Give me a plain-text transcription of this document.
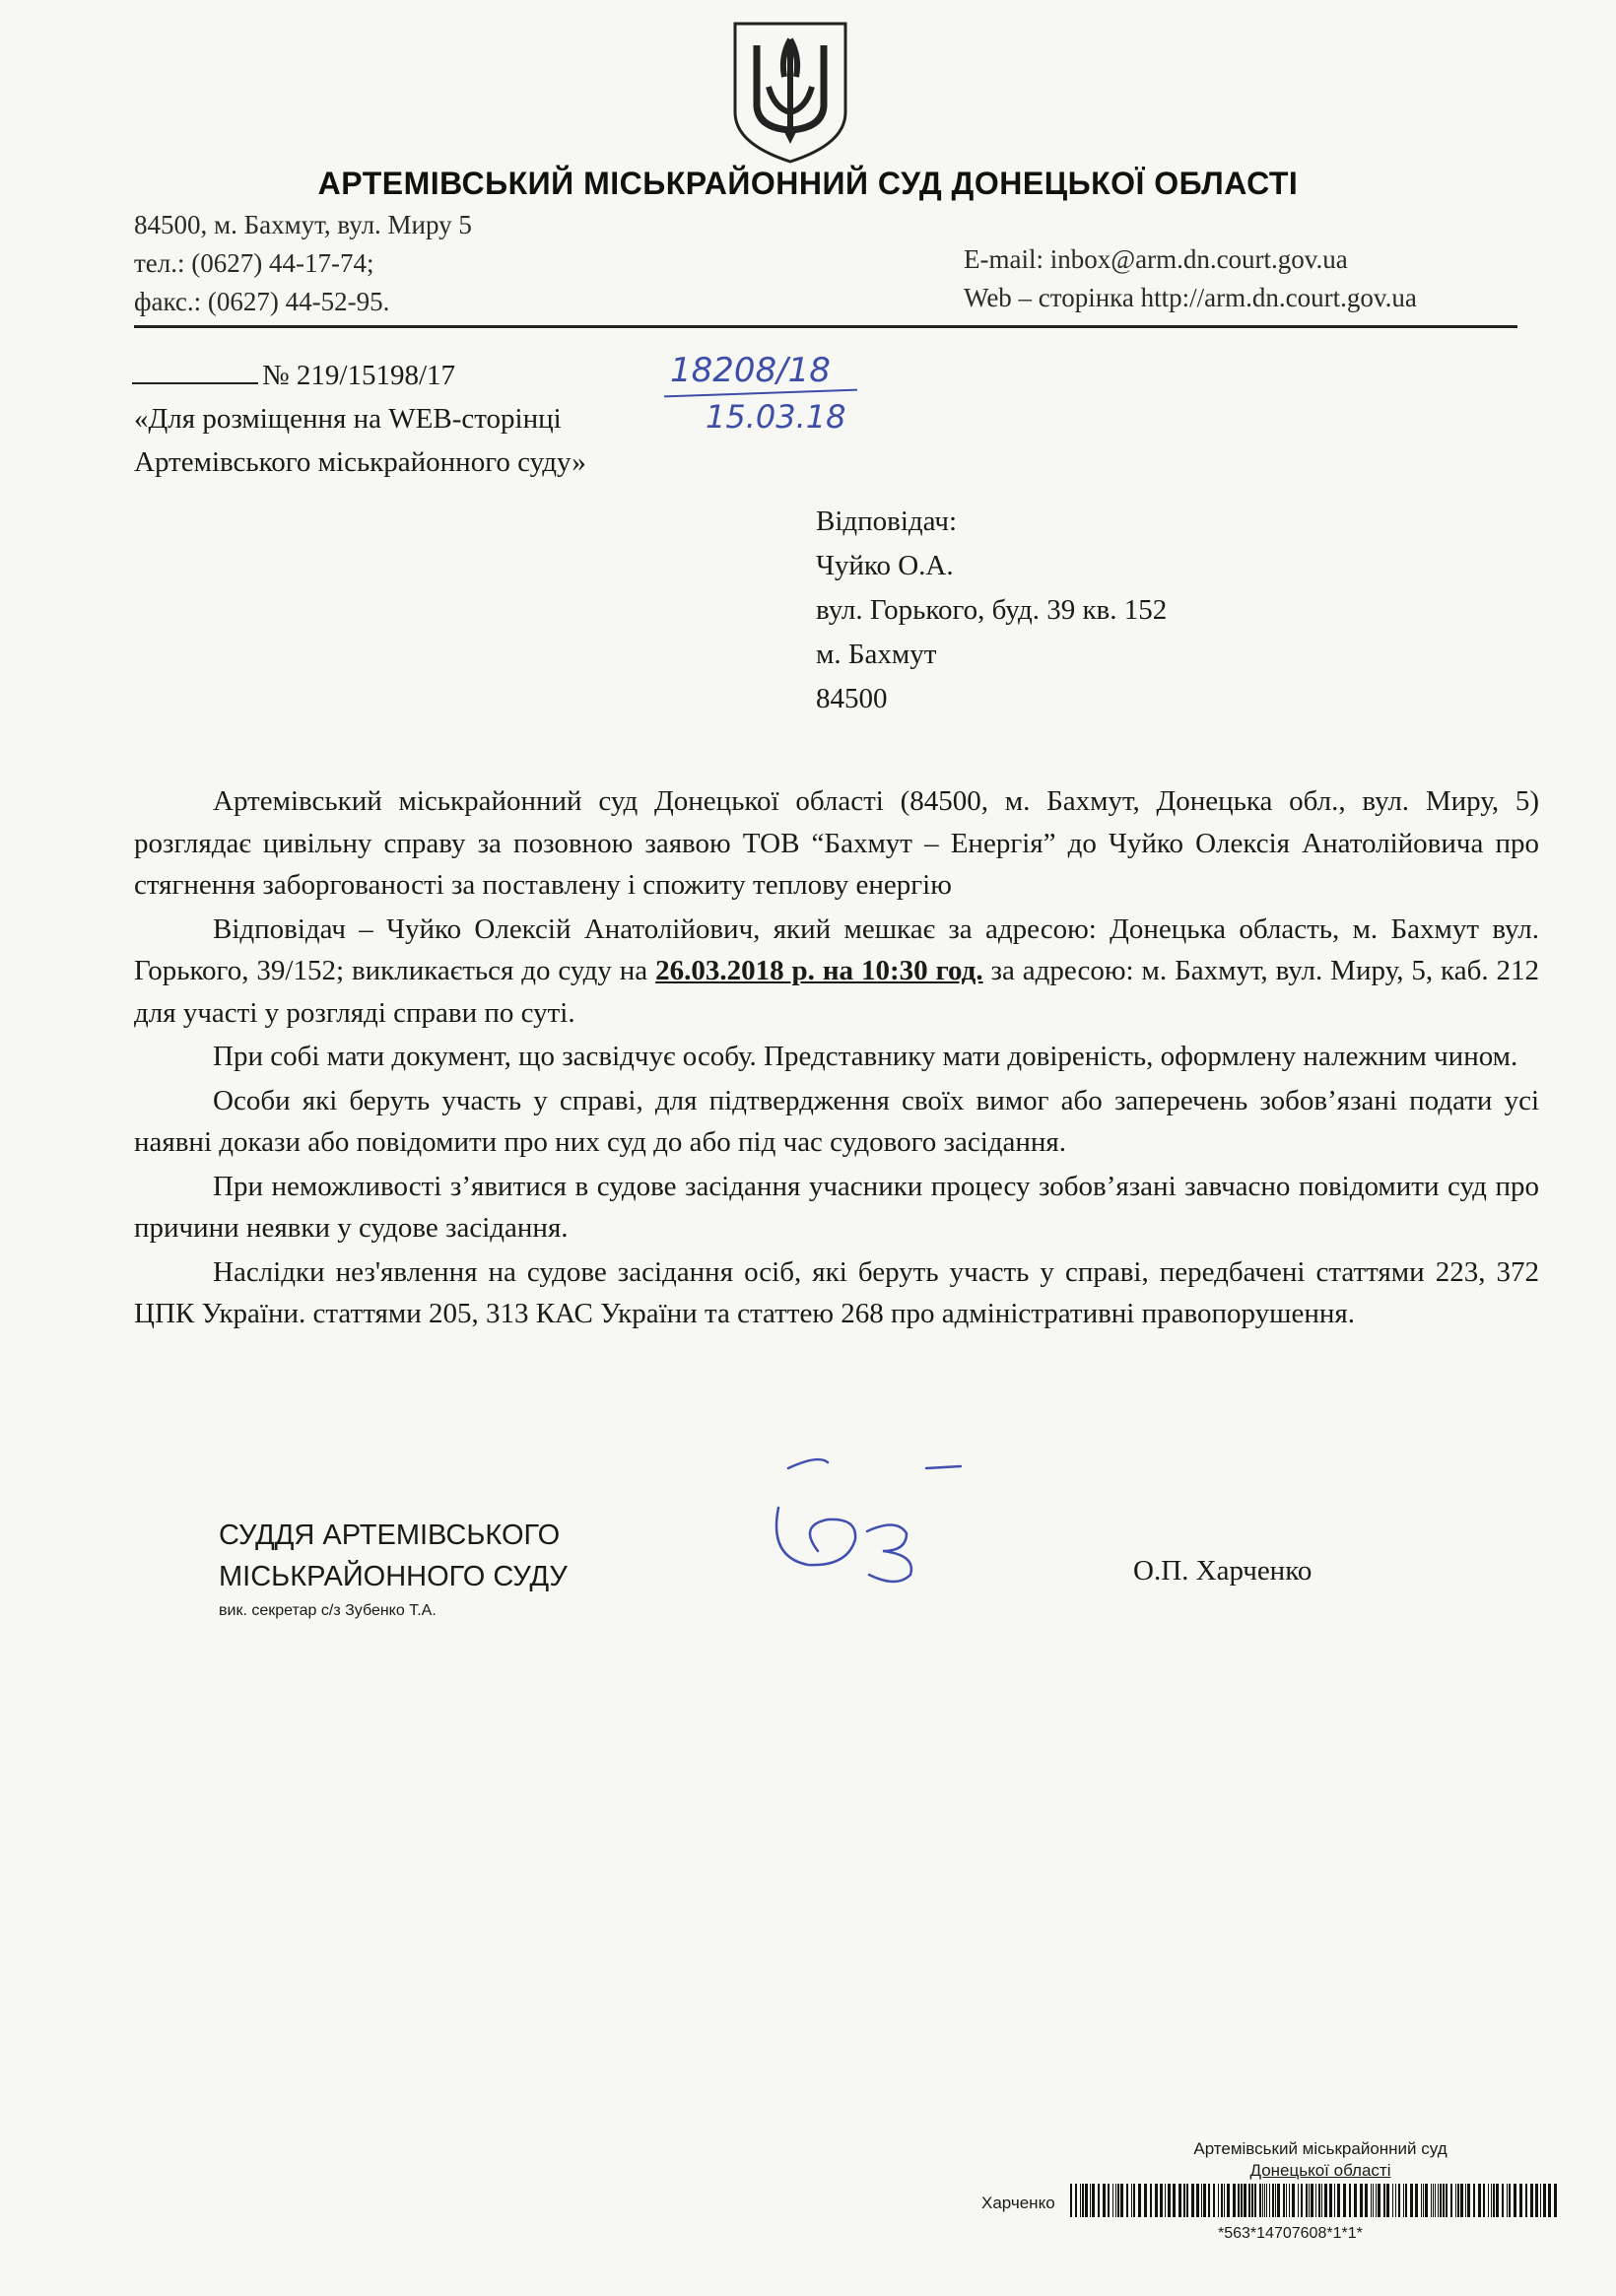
АРТЕМІВСЬКИЙ МІСЬКРАЙОННИЙ СУД ДОНЕЦЬКОЇ ОБЛАСТІ
84500, м. Бахмут, вул. Миру 5
тел.: (0627) 44-17-74;
факс.: (0627) 44-52-95.
E-mail: inbox@arm.dn.court.gov.ua
Web – сторінка http://arm.dn.court.gov.ua
№ 219/15198/17	18208/18
15.03.18
«Для розміщення на WEB-сторінці
Артемівського міськрайонного суду»
Відповідач:
Чуйко О.А.
вул. Горького, буд. 39 кв. 152
м. Бахмут
84500

Артемівський міськрайонний суд Донецької області (84500, м. Бахмут, Донецька обл., вул. Миру, 5) розглядає цивільну справу за позовною заявою ТОВ “Бахмут – Енергія” до Чуйко Олексія Анатолійовича про стягнення заборгованості за поставлену і спожиту теплову енергію

Відповідач – Чуйко Олексій Анатолійович, який мешкає за адресою: Донецька область, м. Бахмут вул. Горького, 39/152; викликається до суду на 26.03.2018 р. на 10:30 год. за адресою: м. Бахмут, вул. Миру, 5, каб. 212 для участі у розгляді справи по суті.

При собі мати документ, що засвідчує особу. Представнику мати довіреність, оформлену належним чином.

Особи які беруть участь у справі, для підтвердження своїх вимог або заперечень зобов’язані подати усі наявні докази або повідомити про них суд до або під час судового засідання.

При неможливості з’явитися в судове засідання учасники процесу зобов’язані завчасно повідомити суд про причини неявки у судове засідання.

Наслідки нез'явлення на судове засідання осіб, які беруть участь у справі, передбачені статтями 223, 372 ЦПК України. статтями 205, 313 КАС України та статтею 268 про адміністративні правопорушення.

СУДДЯ АРТЕМІВСЬКОГО
МІСЬКРАЙОННОГО СУДУ
вик. секретар с/з Зубенко Т.А.
О.П. Харченко
Артемівський міськрайонний суд
Донецької області
Харченко
*563*14707608*1*1*
